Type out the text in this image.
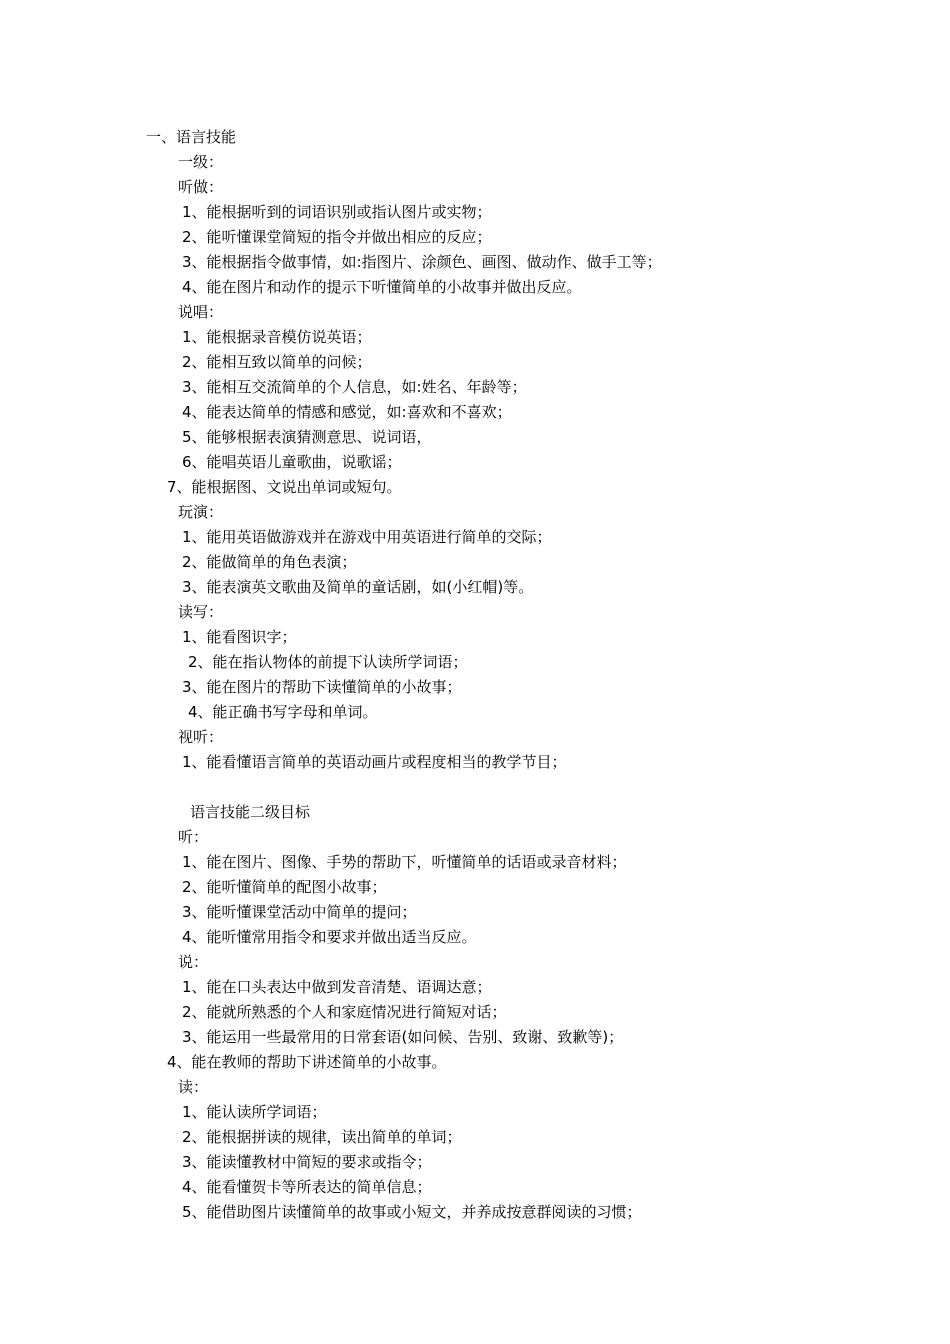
一、语言技能
一级：
听做：
1、能根据听到的词语识别或指认图片或实物；
2、能听懂课堂简短的指令并做出相应的反应；
3、能根据指令做事情，如:指图片、涂颜色、画图、做动作、做手工等；
4、能在图片和动作的提示下听懂简单的小故事并做出反应。
说唱：
1、能根据录音模仿说英语；
2、能相互致以简单的问候；
3、能相互交流简单的个人信息，如:姓名、年龄等；
4、能表达简单的情感和感觉，如:喜欢和不喜欢；
5、能够根据表演猜测意思、说词语，
6、能唱英语儿童歌曲，说歌谣；
7、能根据图、文说出单词或短句。
玩演：
1、能用英语做游戏并在游戏中用英语进行简单的交际；
2、能做简单的角色表演；
3、能表演英文歌曲及简单的童话剧，如(小红帽)等。
读写：
1、能看图识字；
2、能在指认物体的前提下认读所学词语；
3、能在图片的帮助下读懂简单的小故事；
4、能正确书写字母和单词。
视听：
1、能看懂语言简单的英语动画片或程度相当的教学节目；
语言技能二级目标
听：
1、能在图片、图像、手势的帮助下，听懂简单的话语或录音材料；
2、能听懂简单的配图小故事；
3、能听懂课堂活动中简单的提问；
4、能听懂常用指令和要求并做出适当反应。
说：
1、能在口头表达中做到发音清楚、语调达意；
2、能就所熟悉的个人和家庭情况进行简短对话；
3、能运用一些最常用的日常套语(如问候、告别、致谢、致歉等)；
4、能在教师的帮助下讲述简单的小故事。
读：
1、能认读所学词语；
2、能根据拼读的规律，读出简单的单词；
3、能读懂教材中简短的要求或指令；
4、能看懂贺卡等所表达的简单信息；
5、能借助图片读懂简单的故事或小短文，并养成按意群阅读的习惯；
